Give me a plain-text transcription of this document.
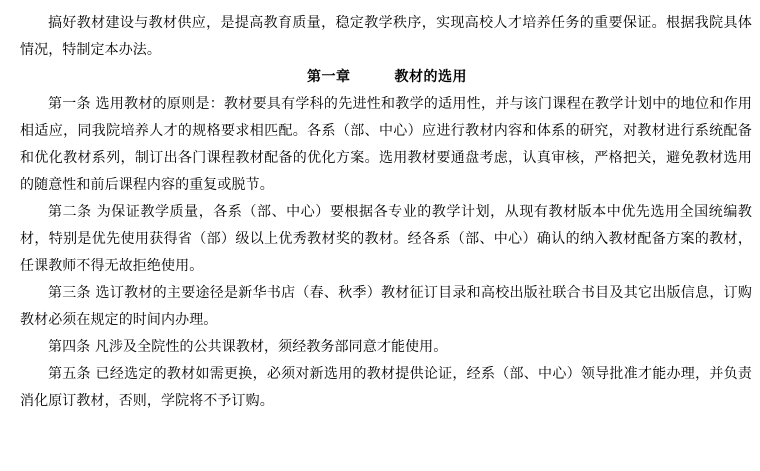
搞好教材建设与教材供应，是提高教育质量，稳定教学秩序，实现高校人才培养任务的重要保证。根据我院具体情况，特制定本办法。

第一章	教材的选用

第一条 选用教材的原则是：教材要具有学科的先进性和教学的适用性，并与该门课程在教学计划中的地位和作用相适应，同我院培养人才的规格要求相匹配。各系（部、中心）应进行教材内容和体系的研究，对教材进行系统配备和优化教材系列，制订出各门课程教材配备的优化方案。选用教材要通盘考虑，认真审核，严格把关，避免教材选用的随意性和前后课程内容的重复或脱节。

第二条 为保证教学质量，各系（部、中心）要根据各专业的教学计划，从现有教材版本中优先选用全国统编教材，特别是优先使用获得省（部）级以上优秀教材奖的教材。经各系（部、中心）确认的纳入教材配备方案的教材，任课教师不得无故拒绝使用。

第三条 选订教材的主要途径是新华书店（春、秋季）教材征订目录和高校出版社联合书目及其它出版信息，订购教材必须在规定的时间内办理。

第四条 凡涉及全院性的公共课教材，须经教务部同意才能使用。

第五条 已经选定的教材如需更换，必须对新选用的教材提供论证，经系（部、中心）领导批准才能办理，并负责消化原订教材，否则，学院将不予订购。
